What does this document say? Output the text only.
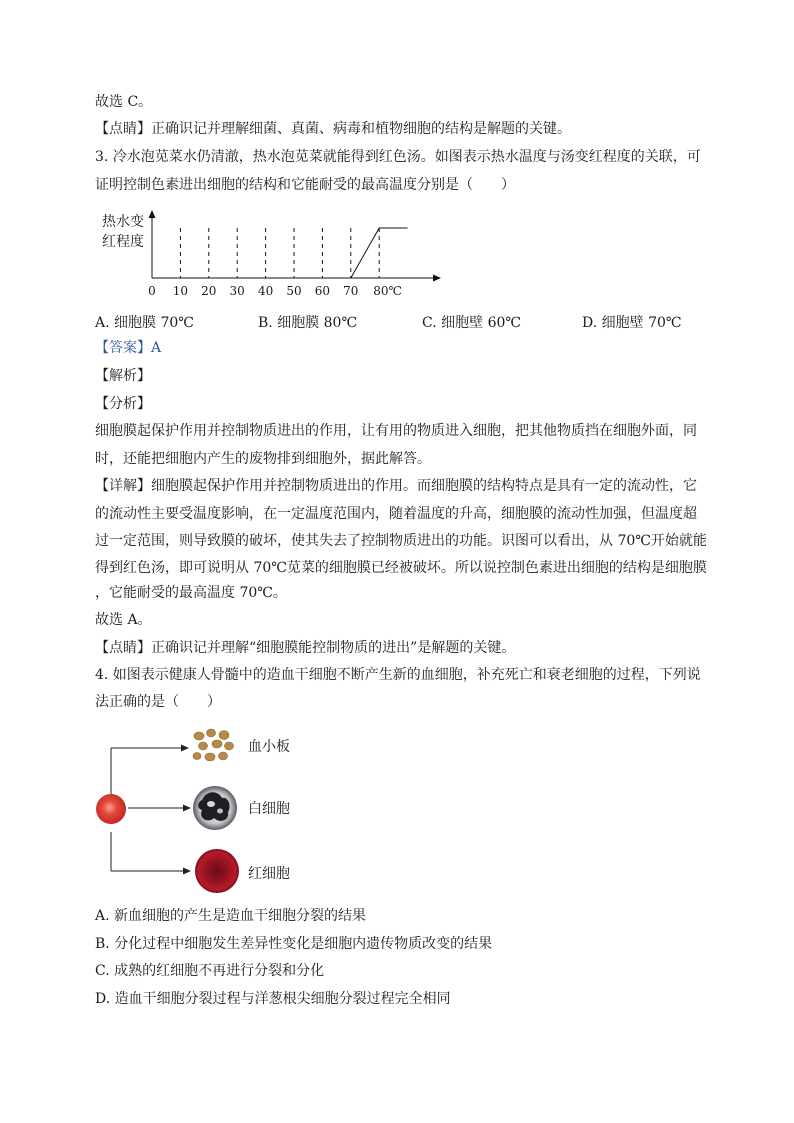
故选 C。
【点睛】正确识记并理解细菌、真菌、病毒和植物细胞的结构是解题的关键。
3. 冷水泡苋菜水仍清澈，热水泡苋菜就能得到红色汤。如图表示热水温度与汤变红程度的关联，可
证明控制色素进出细胞的结构和它能耐受的最高温度分别是（　　）
热水变
红程度
0 10 20 30 40 50 60 70 80℃
A. 细胞膜 70℃	B. 细胞膜 80℃	C. 细胞壁 60℃	D. 细胞壁 70℃
【答案】A
【解析】
【分析】
细胞膜起保护作用并控制物质进出的作用，让有用的物质进入细胞，把其他物质挡在细胞外面，同
时，还能把细胞内产生的废物排到细胞外，据此解答。
【详解】细胞膜起保护作用并控制物质进出的作用。而细胞膜的结构特点是具有一定的流动性，它
的流动性主要受温度影响，在一定温度范围内，随着温度的升高，细胞膜的流动性加强，但温度超
过一定范围，则导致膜的破坏，使其失去了控制物质进出的功能。识图可以看出，从 70℃开始就能
得到红色汤，即可说明从 70℃苋菜的细胞膜已经被破坏。所以说控制色素进出细胞的结构是细胞膜
，它能耐受的最高温度 70℃。
故选 A。
【点睛】正确识记并理解“细胞膜能控制物质的进出”是解题的关键。
4. 如图表示健康人骨髓中的造血干细胞不断产生新的血细胞，补充死亡和衰老细胞的过程，下列说
法正确的是（　　）
血小板
白细胞
红细胞
A. 新血细胞的产生是造血干细胞分裂的结果
B. 分化过程中细胞发生差异性变化是细胞内遗传物质改变的结果
C. 成熟的红细胞不再进行分裂和分化
D. 造血干细胞分裂过程与洋葱根尖细胞分裂过程完全相同
